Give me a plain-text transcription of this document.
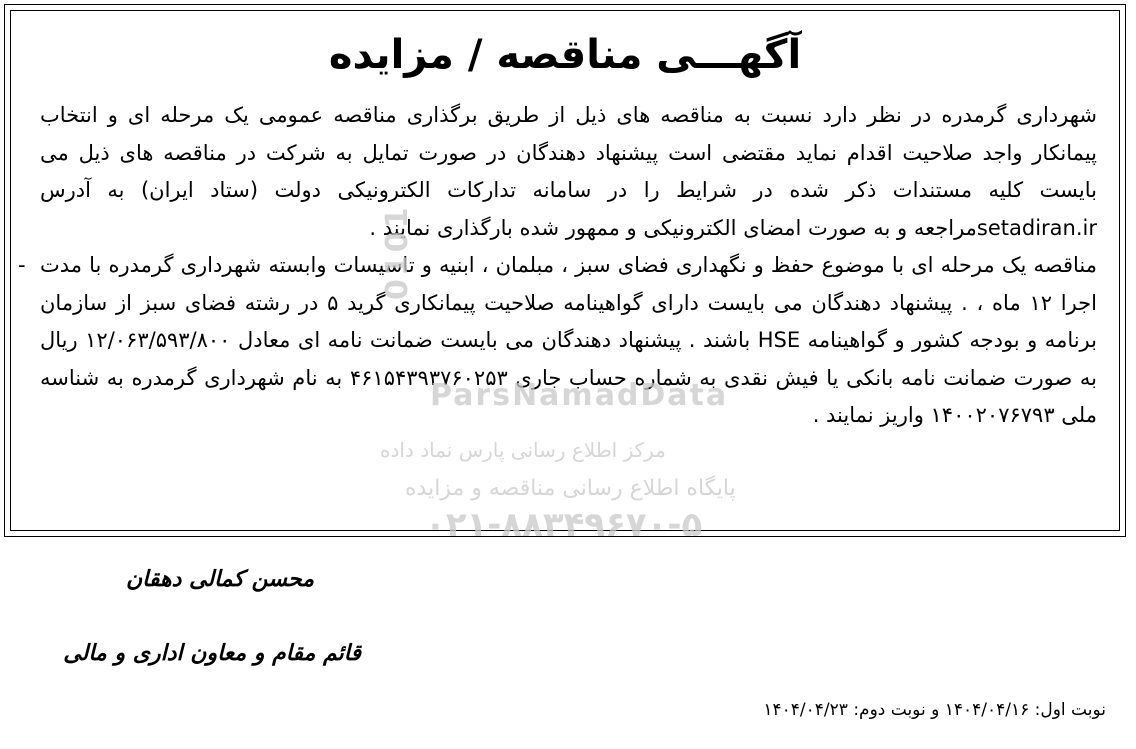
آگهـــی مناقصه / مزایده

شهرداری گرمدره در نظر دارد نسبت به مناقصه های ذیل از طریق برگذاری مناقصه عمومی یک مرحله ای و انتخاب پیمانکار واجد صلاحیت اقدام نماید مقتضی است پیشنهاد دهندگان در صورت تمایل به شرکت در مناقصه های ذیل می بایست کلیه مستندات ذکر شده در شرایط را در سامانه تدارکات الکترونیکی دولت (ستاد ایران) به آدرس setadiran.irمراجعه و به صورت امضای الکترونیکی و ممهور شده بارگذاری نمایند .

- مناقصه یک مرحله ای با موضوع حفظ و نگهداری فضای سبز ، مبلمان ، ابنیه و تاسیسات وابسته شهرداری گرمدره با مدت اجرا ۱۲ ماه ، . پیشنهاد دهندگان می بایست دارای گواهینامه صلاحیت پیمانکاری گرید ۵ در رشته فضای سبز از سازمان برنامه و بودجه کشور و گواهینامه HSE باشند . پیشنهاد دهندگان می بایست ضمانت نامه ای معادل ۱۲/۰۶۳/۵۹۳/۸۰۰ ریال به صورت ضمانت نامه بانکی یا فیش نقدی به شماره حساب جاری ۴۶۱۵۴۳۹۳۷۶۰۲۵۳ به نام شهرداری گرمدره به شناسه ملی ۱۴۰۰۲۰۷۶۷۹۳ واریز نمایند .

0101
ParsNamadData
مرکز اطلاع رسانی پارس نماد داده
پایگاه اطلاع رسانی مناقصه و مزایده
۰۲۱-۸۸۳۴۹۶۷۰-۵
محسن کمالی دهقان
قائم مقام و معاون اداری و مالی
نوبت اول: ۱۴۰۴/۰۴/۱۶ و نوبت دوم: ۱۴۰۴/۰۴/۲۳
